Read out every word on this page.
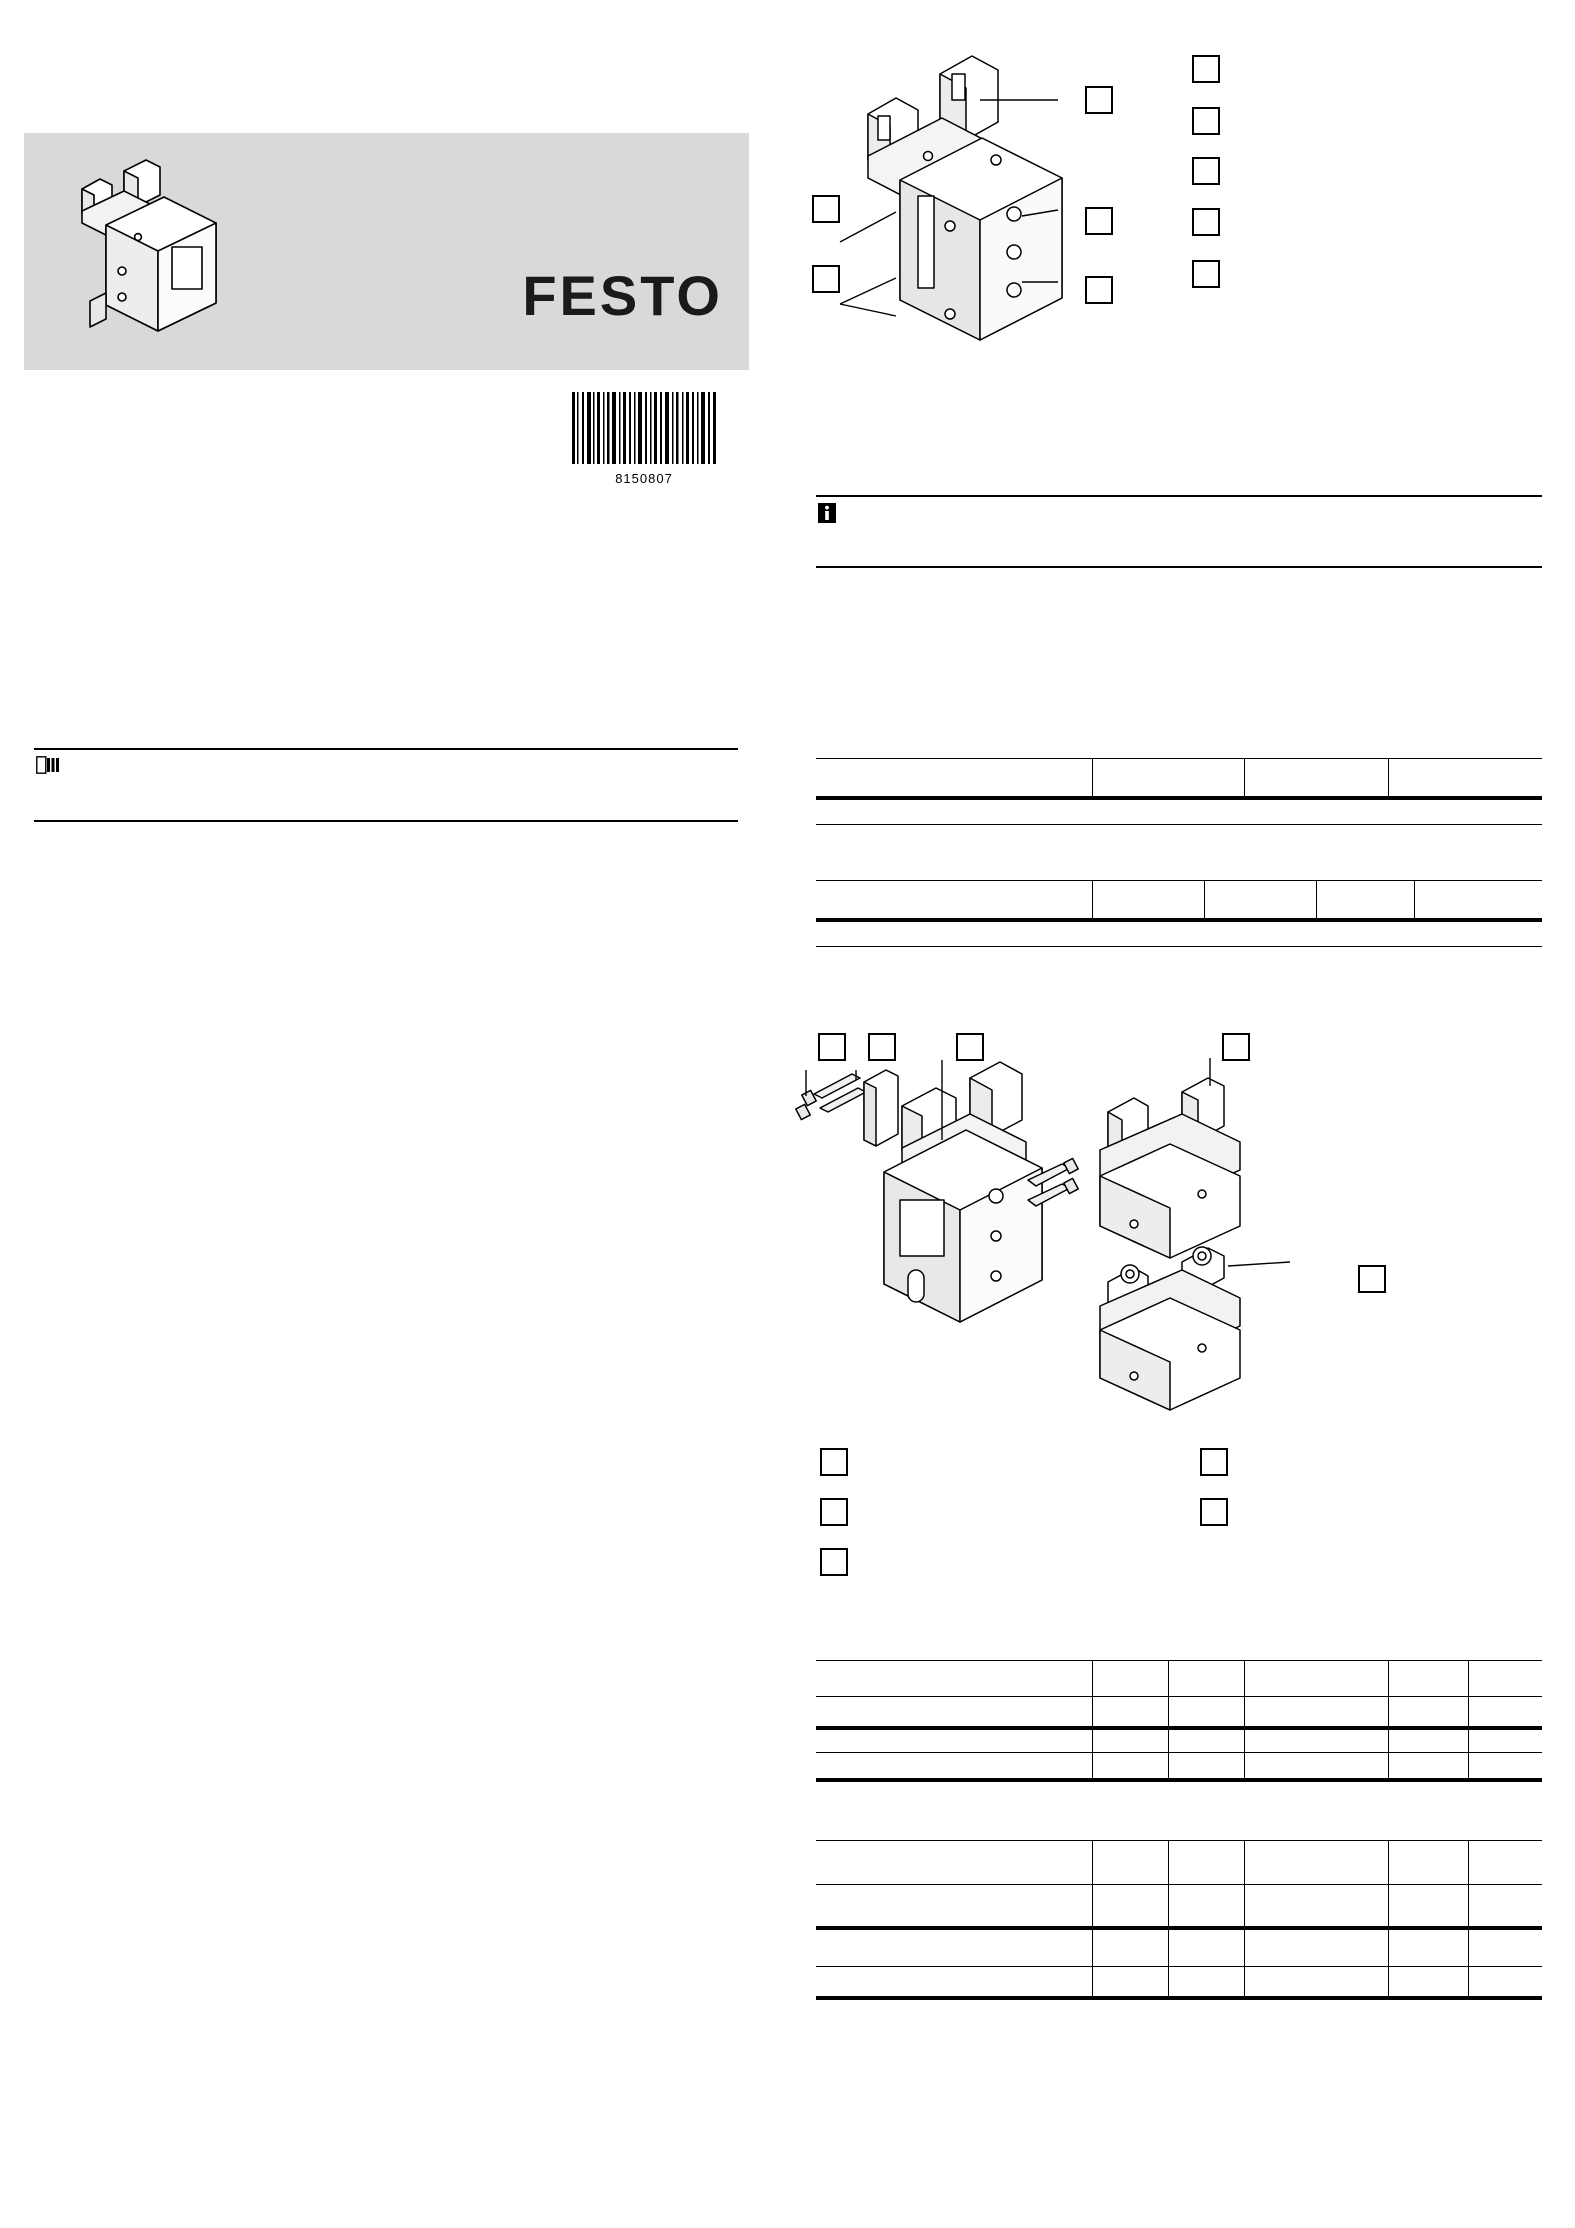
FESTO
8150807
